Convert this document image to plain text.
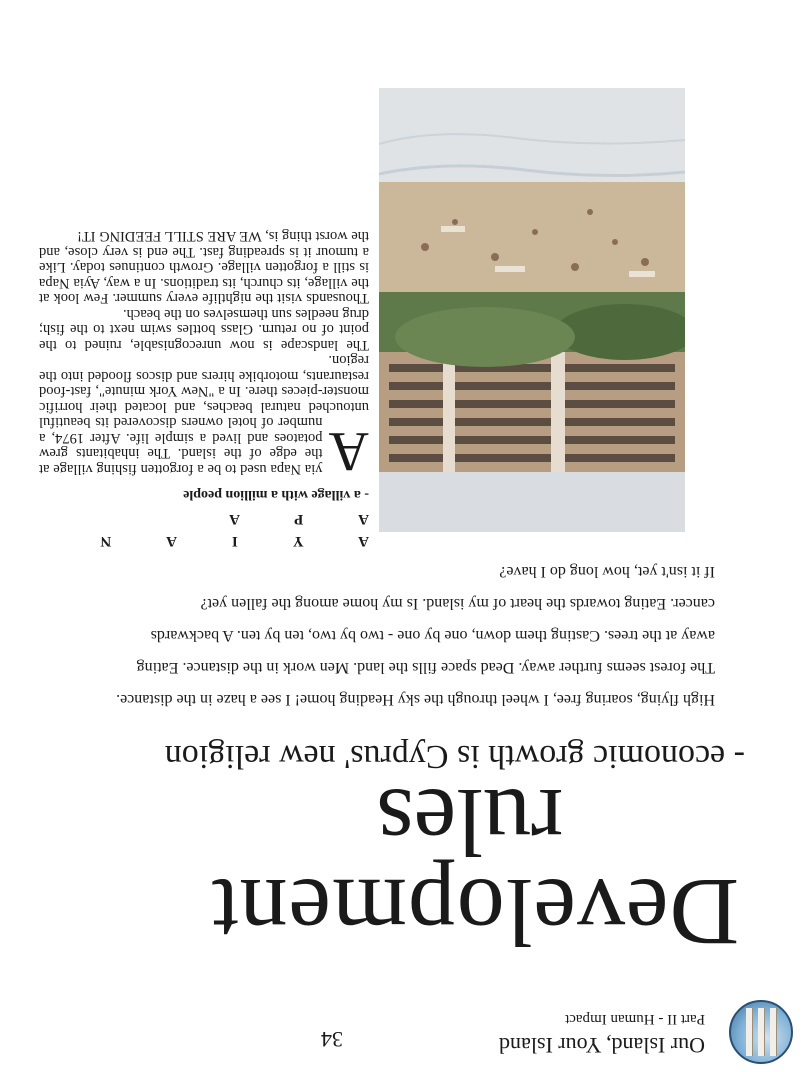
Our Island, Your Island
Part II - Human Impact
34
Development
rules
- economic growth is Cyprus' new religion

High flying, soaring free, I wheel through the sky Heading home! I see a haze in the distance.

The forest seems further away. Dead space fills the land. Men work in the distance. Eating

away at the trees. Casting them down, one by one - two by two, ten by ten. A backwards

cancer. Eating towards the heart of my island. Is my home among the fallen yet?

If it isn't yet, how long do I have?

A Y I A N A P A
- a village with a million people

A
yia Napa used to be a forgotten fishing village at the edge of the island. The inhabitants grew potatoes and lived a simple life. After 1974, a number of hotel owners discovered its beautiful untouched natural beaches, and located their horrific monster-pieces there. In a "New York minute", fast-food restaurants, motorbike hirers and discos flooded into the region.

The landscape is now unrecognisable, ruined to the point of no return. Glass bottles swim next to the fish; drug needles sun themselves on the beach.

Thousands visit the nightlife every summer. Few look at the village, its church, its traditions. In a way, Ayia Napa is still a forgotten village. Growth continues today. Like a tumour it is spreading fast. The end is very close, and the worst thing is, WE ARE STILL FEEDING IT!
